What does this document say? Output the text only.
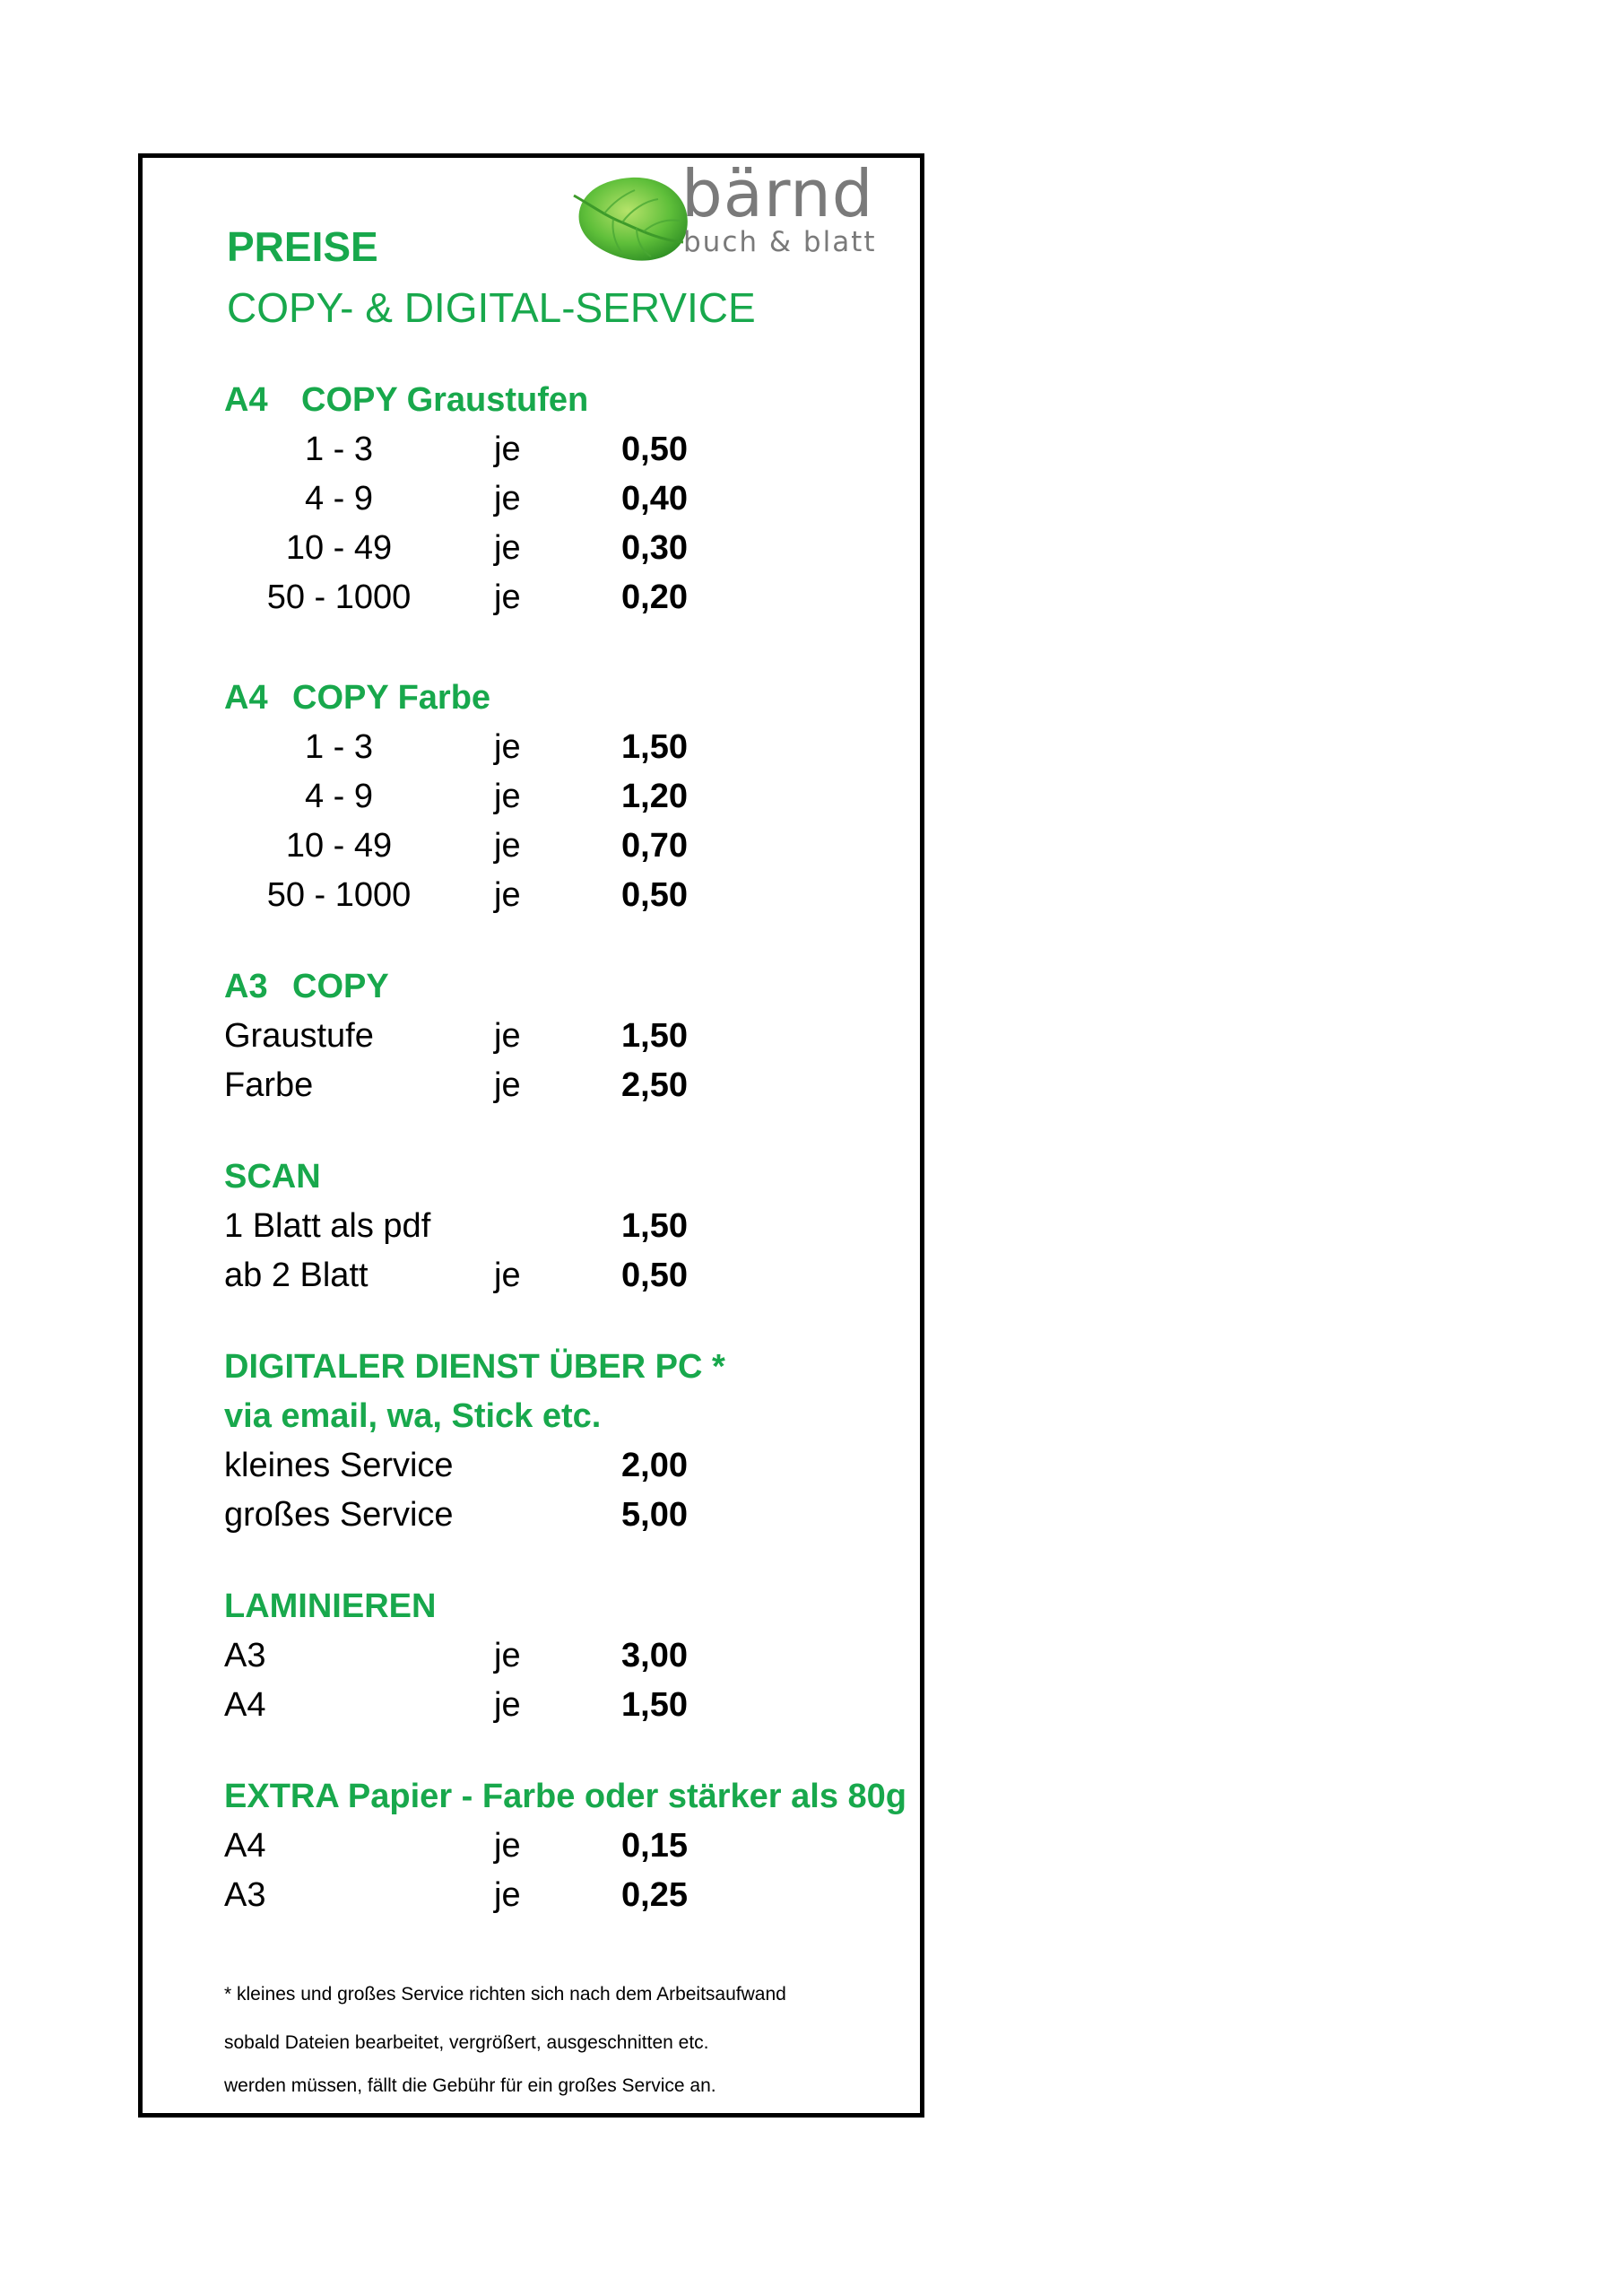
bärnd
buch & blatt
PREISE
COPY- & DIGITAL-SERVICE
A4 COPY Graustufen
1 - 3	je	0,50
4 - 9	je	0,40
10 - 49	je	0,30
50 - 1000	je	0,20
A4 COPY Farbe
1 - 3	je	1,50
4 - 9	je	1,20
10 - 49	je	0,70
50 - 1000	je	0,50
A3 COPY
Graustufe	je	1,50
Farbe	je	2,50
SCAN
1 Blatt als pdf	1,50
ab 2 Blatt	je	0,50
DIGITALER DIENST ÜBER PC *
via email, wa, Stick etc.
kleines Service	2,00
großes Service	5,00
LAMINIEREN
A3	je	3,00
A4	je	1,50
EXTRA Papier - Farbe oder stärker als 80g
A4	je	0,15
A3	je	0,25
* kleines und großes Service richten sich nach dem Arbeitsaufwand
sobald Dateien bearbeitet, vergrößert, ausgeschnitten etc.
werden müssen, fällt die Gebühr für ein großes Service an.
